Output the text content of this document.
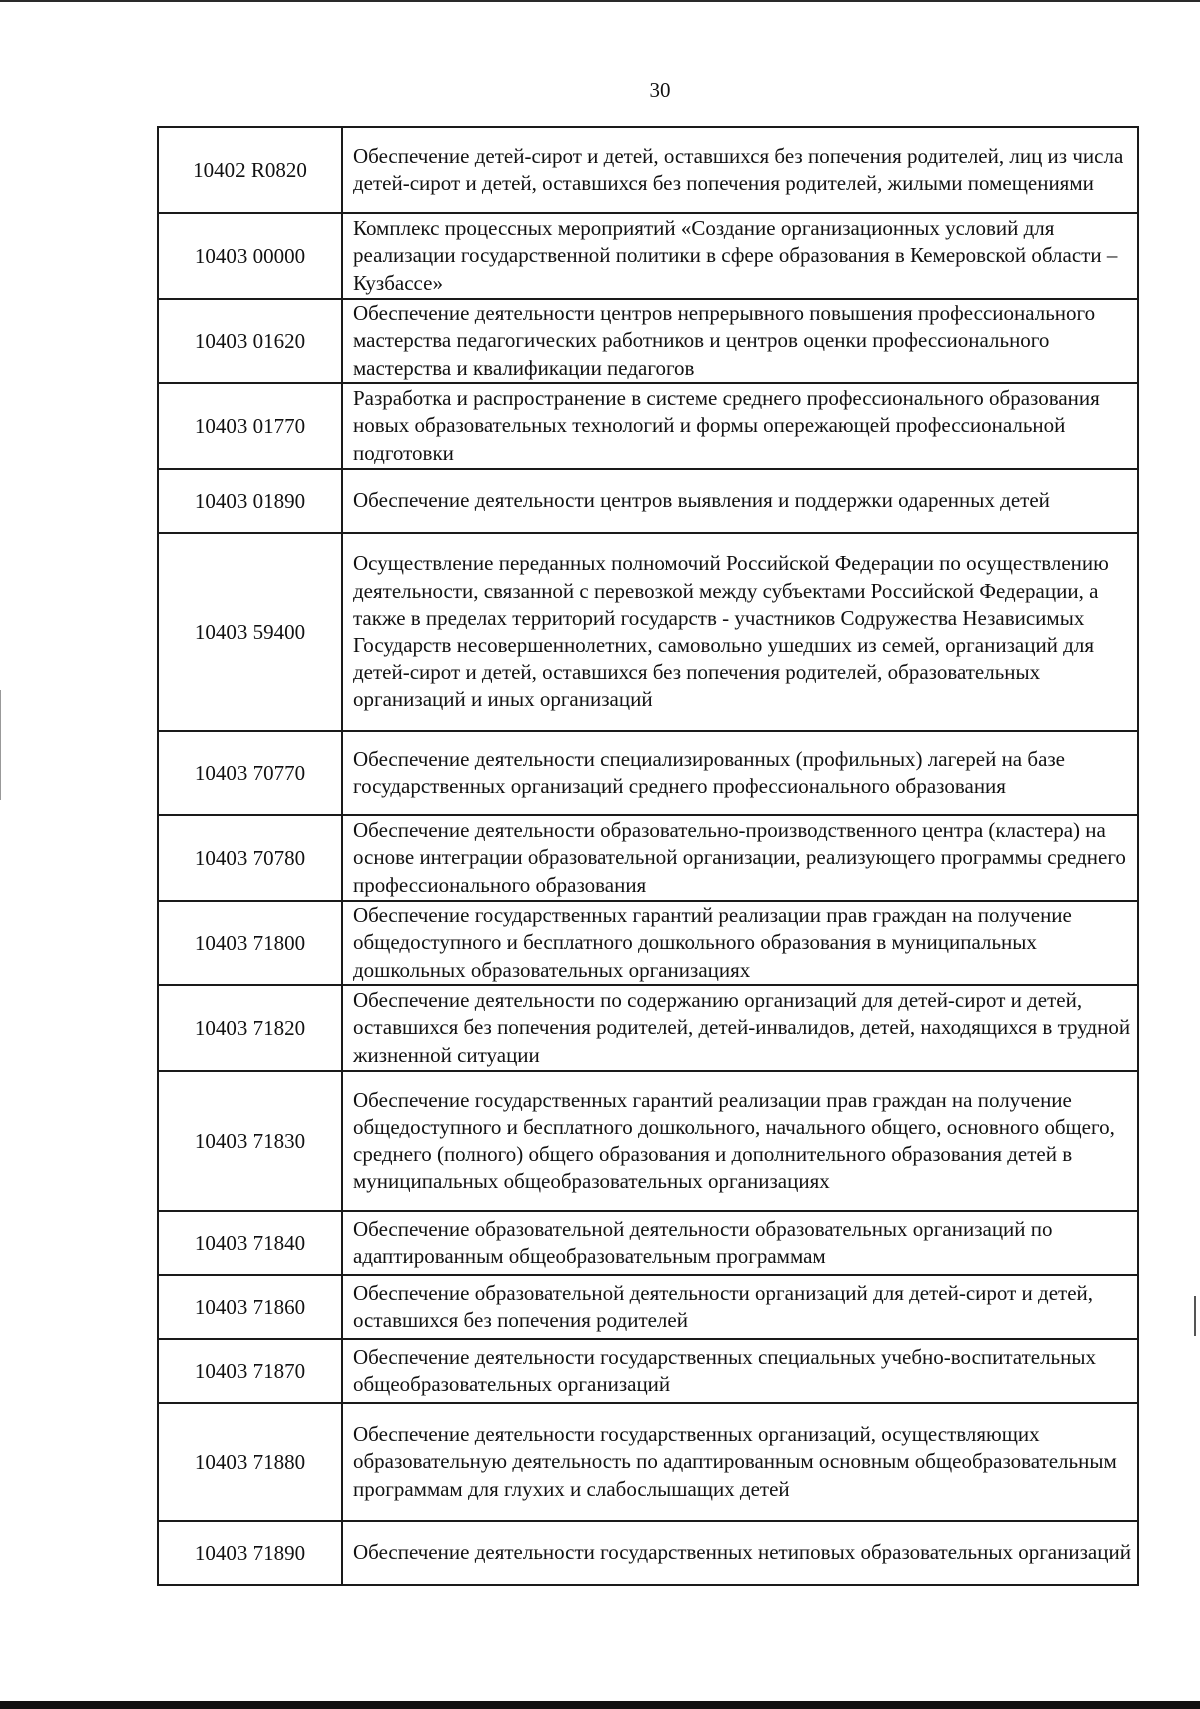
30
10402 R0820	Обеспечение детей-сирот и детей, оставшихся без попечения родителей, лиц из числа детей-сирот и детей, оставшихся без попечения родителей, жилыми помещениями
10403 00000	Комплекс процессных мероприятий «Создание организационных условий для реализации государственной политики в сфере образования в Кемеровской области – Кузбассе»
10403 01620	Обеспечение деятельности центров непрерывного повышения профессионального мастерства педагогических работников и центров оценки профессионального мастерства и квалификации педагогов
10403 01770	Разработка и распространение в системе среднего профессионального образования новых образовательных технологий и формы опережающей профессиональной подготовки
10403 01890	Обеспечение деятельности центров выявления и поддержки одаренных детей
10403 59400	Осуществление переданных полномочий Российской Федерации по осуществлению деятельности, связанной с перевозкой между субъектами Российской Федерации, а также в пределах территорий государств - участников Содружества Независимых Государств несовершеннолетних, самовольно ушедших из семей, организаций для детей-сирот и детей, оставшихся без попечения родителей, образовательных организаций и иных организаций
10403 70770	Обеспечение деятельности специализированных (профильных) лагерей на базе государственных организаций среднего профессионального образования
10403 70780	Обеспечение деятельности образовательно-производственного центра (кластера) на основе интеграции образовательной организации, реализующего программы среднего профессионального образования
10403 71800	Обеспечение государственных гарантий реализации прав граждан на получение общедоступного и бесплатного дошкольного образования в муниципальных дошкольных образовательных организациях
10403 71820	Обеспечение деятельности по содержанию организаций для детей-сирот и детей, оставшихся без попечения родителей, детей-инвалидов, детей, находящихся в трудной жизненной ситуации
10403 71830	Обеспечение государственных гарантий реализации прав граждан на получение общедоступного и бесплатного дошкольного, начального общего, основного общего, среднего (полного) общего образования и дополнительного образования детей в муниципальных общеобразовательных организациях
10403 71840	Обеспечение образовательной деятельности образовательных организаций по адаптированным общеобразовательным программам
10403 71860	Обеспечение образовательной деятельности организаций для детей-сирот и детей, оставшихся без попечения родителей
10403 71870	Обеспечение деятельности государственных специальных учебно-воспитательных общеобразовательных организаций
10403 71880	Обеспечение деятельности государственных организаций, осуществляющих образовательную деятельность по адаптированным основным общеобразовательным программам для глухих и слабослышащих детей
10403 71890	Обеспечение деятельности государственных нетиповых образовательных организаций
